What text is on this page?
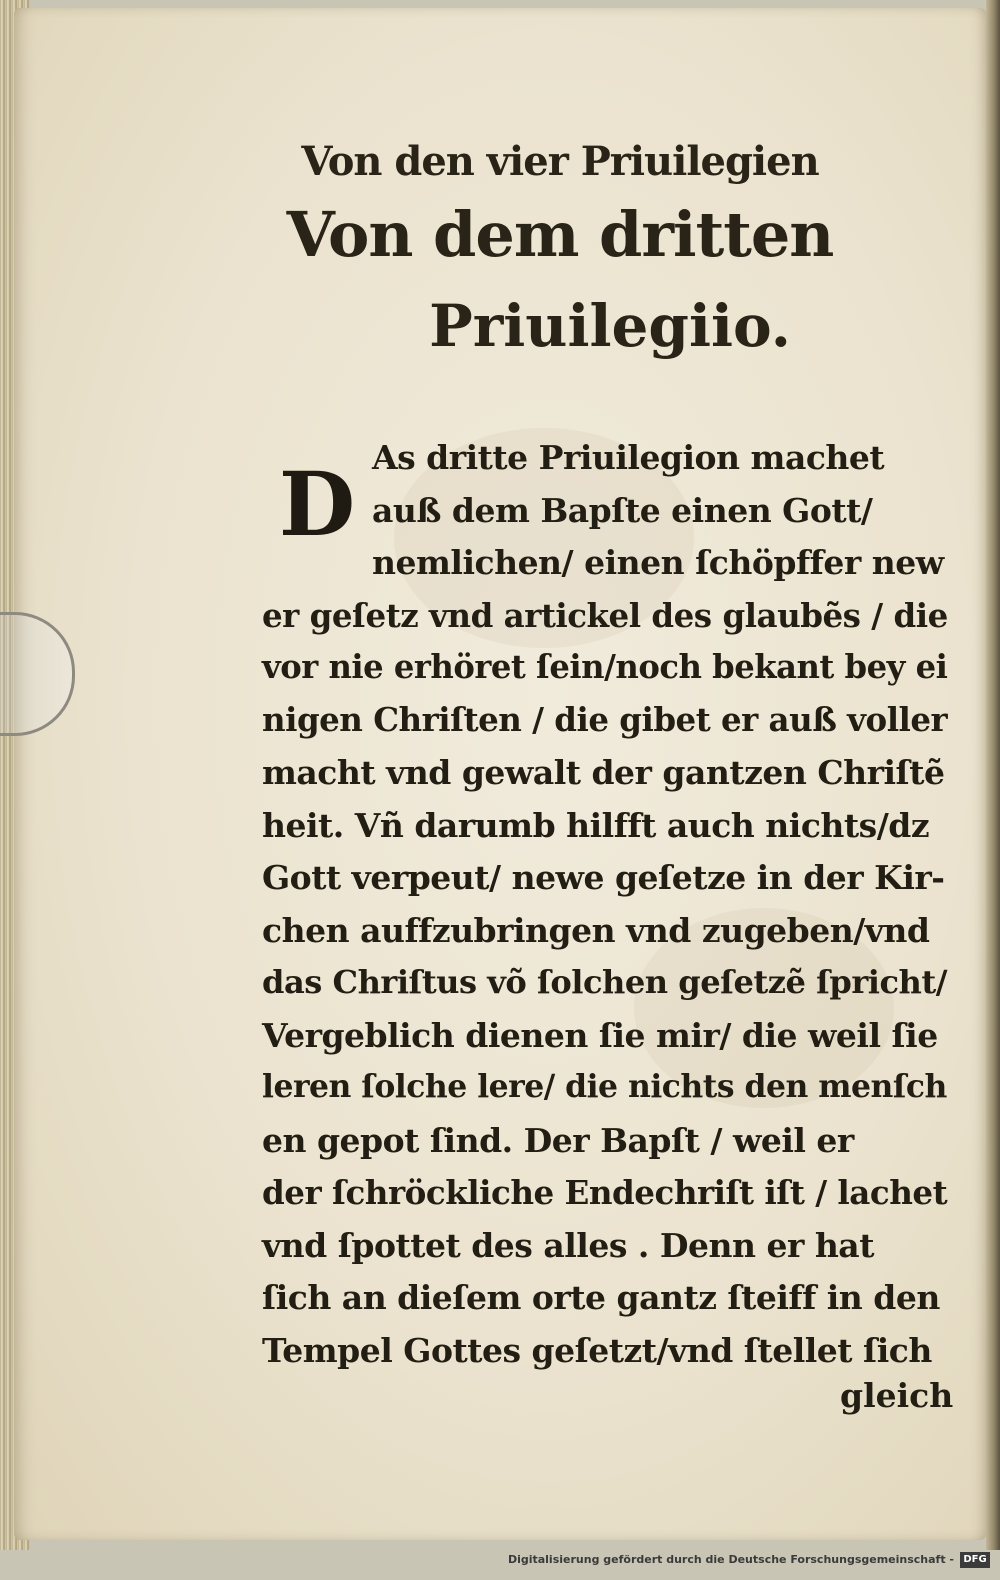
Von den vier Priuilegien
Von dem dritten
Priuilegiio.
D As dritte Priuilegion machet
auß dem Bapſte einen Gott/
nemlichen/ einen ſchöpffer new
er geſetz vnd artickel des glaubẽs / die
vor nie erhöret ſein/noch bekant bey ei
nigen Chriſten / die gibet er auß voller
macht vnd gewalt der gantzen Chriſtẽ
heit. Vñ darumb hilfft auch nichts/dz
Gott verpeut/ newe geſetze in der Kir-
chen auffzubringen vnd zugeben/vnd
das Chriſtus võ ſolchen geſetzẽ ſpricht/
Vergeblich dienen ſie mir/ die weil ſie
leren ſolche lere/ die nichts den menſch
en gepot ſind. Der Bapſt / weil er
der ſchröckliche Endechriſt iſt / lachet
vnd ſpottet des alles . Denn er hat
ſich an dieſem orte gantz ſteiff in den
Tempel Gottes geſetzt/vnd ſtellet ſich
gleich
Digitalisierung gefördert durch die Deutsche Forschungsgemeinschaft - DFG
